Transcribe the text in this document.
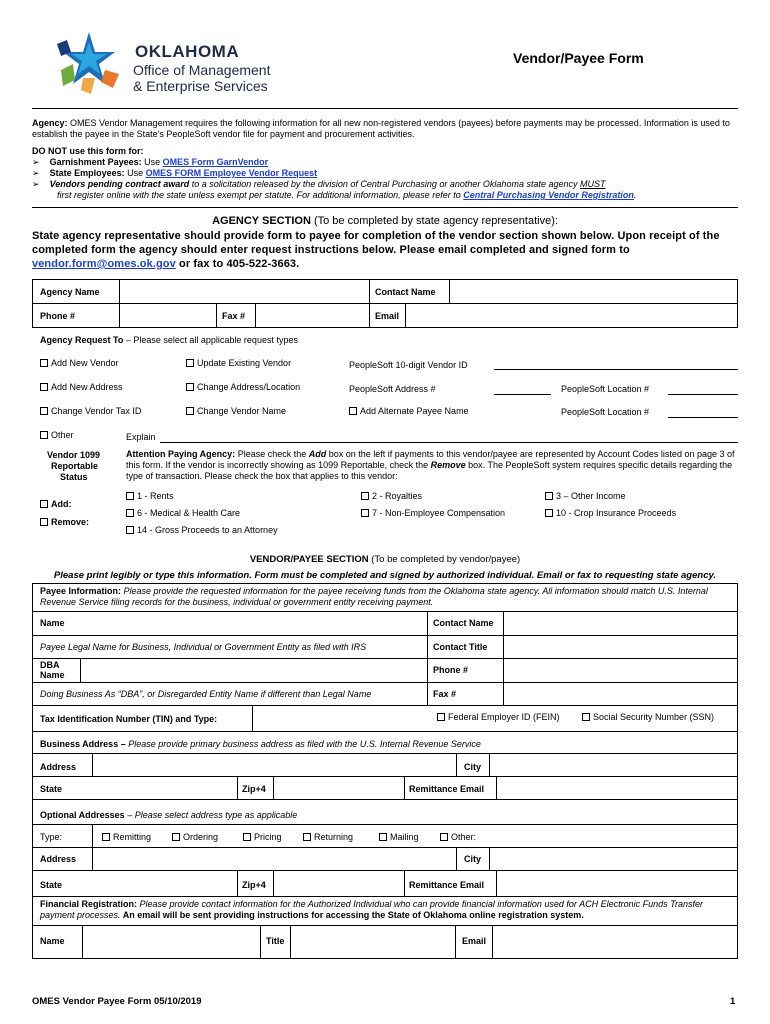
OKLAHOMA
Office of Management
& Enterprise Services
Vendor/Payee Form
Agency: OMES Vendor Management requires the following information for all new non-registered vendors (payees) before payments may be processed. Information is used to establish the payee in the State’s PeopleSoft vendor file for payment and procurement activities.
DO NOT use this form for:
➢ Garnishment Payees: Use OMES Form GarnVendor
➢ State Employees: Use OMES FORM Employee Vendor Request
➢ Vendors pending contract award to a solicitation released by the division of Central Purchasing or another Oklahoma state agency MUST
first register online with the state unless exempt per statute. For additional information, please refer to Central Purchasing Vendor Registration.
AGENCY SECTION (To be completed by state agency representative):
State agency representative should provide form to payee for completion of the vendor section shown below. Upon receipt of the completed form the agency should enter request instructions below. Please email completed and signed form to vendor.form@omes.ok.gov or fax to 405-522-3663.
Agency Name	Contact Name
Phone #	Fax #	Email
Agency Request To – Please select all applicable request types
Add New Vendor	Update Existing Vendor	PeopleSoft 10-digit Vendor ID
Add New Address	Change Address/Location	PeopleSoft Address #	PeopleSoft Location #
Change Vendor Tax ID	Change Vendor Name	Add Alternate Payee Name	PeopleSoft Location #
Other	Explain
Vendor 1099
Reportable
Status
Attention Paying Agency: Please check the Add box on the left if payments to this vendor/payee are represented by Account Codes listed on page 3 of this form. If the vendor is incorrectly showing as 1099 Reportable, check the Remove box. The PeopleSoft system requires specific details regarding the type of transaction. Please check the box that applies to this vendor:
Add:
Remove:
1 - Rents	2 - Royalties	3 – Other Income
6 - Medical & Health Care	7 - Non-Employee Compensation	10 - Crop Insurance Proceeds
14 - Gross Proceeds to an Attorney
VENDOR/PAYEE SECTION (To be completed by vendor/payee)
Please print legibly or type this information. Form must be completed and signed by authorized individual. Email or fax to requesting state agency.
Payee Information: Please provide the requested information for the payee receiving funds from the Oklahoma state agency. All information should match U.S. Internal Revenue Service filing records for the business, individual or government entity receiving payment.
Name	Contact Name
Payee Legal Name for Business, Individual or Government Entity as filed with IRS	Contact Title
DBA
Name	Phone #
Doing Business As “DBA”, or Disregarded Entity Name if different than Legal Name	Fax #
Tax Identification Number (TIN) and Type:	Federal Employer ID (FEIN)	Social Security Number (SSN)
Business Address – Please provide primary business address as filed with the U.S. Internal Revenue Service
Address	City
State	Zip+4	Remittance Email
Optional Addresses – Please select address type as applicable
Type:	Remitting	Ordering	Pricing	Returning	Mailing	Other:
Address	City
State	Zip+4	Remittance Email
Financial Registration: Please provide contact information for the Authorized Individual who can provide financial information used for ACH Electronic Funds Transfer payment processes. An email will be sent providing instructions for accessing the State of Oklahoma online registration system.
Name	Title	Email
OMES Vendor Payee Form 05/10/2019	1
